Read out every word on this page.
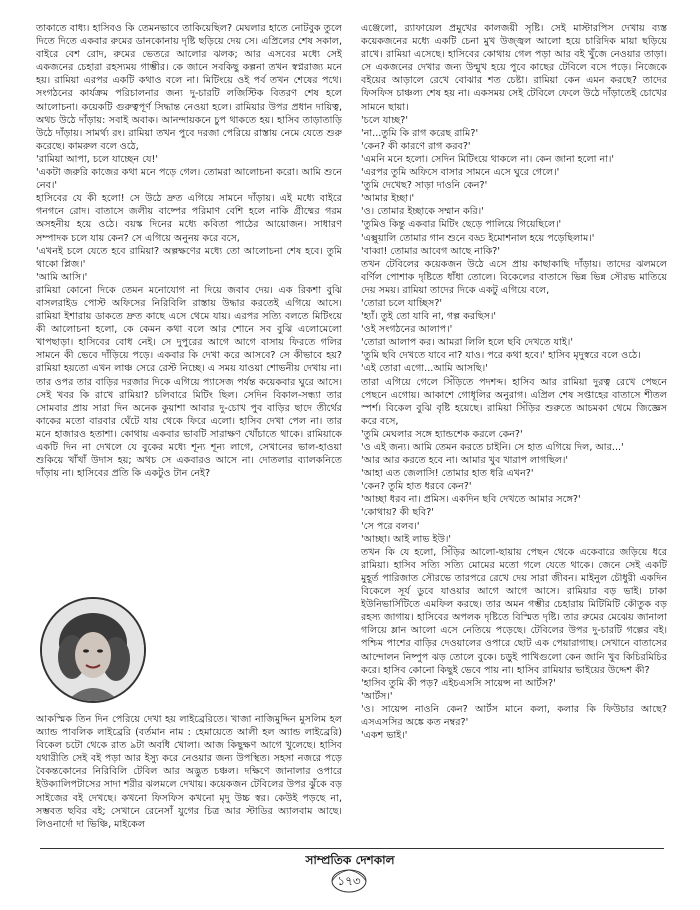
তাকাতে বাধ্য। হাসিবও কি তেমনভাবে তাকিয়েছিল? মেঘলার হাতে নোটবুক তুলে দিতে দিতে একবার রুমের ডানকোনায় দৃষ্টি ছড়িয়ে দেয় সে। এপ্রিলের শেষ সকাল, বাইরে বেশ রোদ, রুমের ভেতরে আলোর ঝলক; আর এসবের মধ্যে সেই একজনের চেহারা রহস্যময় গাম্ভীর। কে জানে সবকিছু কল্পনা তখন স্বপ্নরাজ্য মনে হয়। রামিয়া এরপর একটি কথাও বলে না। মিটিংয়ে ওই পর্ব তখন শেষের পথে। সংগঠনের কার্যক্রম পরিচালনার জন্য দু-চারটি লজিস্টিক বিতরণ শেষ হলে আলোচনা। কয়েকটি গুরুত্বপূর্ণ সিদ্ধান্ত নেওয়া হলে। রামিয়ার উপর প্রধান দায়িত্ব, অথচ উঠে দাঁড়ায়: সবাই অবাক। আনন্দায়কনে চুপ থাকতে হয়। হাসিব তাড়াতাড়ি উঠে দাঁড়ায়। সামর্থ্য রং। রামিয়া তখন পুবে দরজা পেরিয়ে রাস্তায় নেমে যেতে শুরু করেছে। কামরুল বলে ওঠে,

'রামিয়া আপা, চলে যাচ্ছেন যে!'

'একটা জরুরি কাজের কথা মনে পড়ে গেল। তোমরা আলোচনা করো। আমি শুনে নেব।'

হাসিবের যে কী হলো! সে উঠে দ্রুত এগিয়ে সামনে দাঁড়ায়। এই মধ্যে বাইরে গনগনে রোদ। বাতাসে জলীয় বাষ্পের পরিমাণ বেশি হলে নাকি গ্রীষ্মের গরম অসহনীয় হয়ে ওঠে। বয়স্ক দিনের মধ্যে কবিতা পাঠের আয়োজন। সাধারণ সম্পাদক চলে যায় কেন? সে এগিয়ে অনুনয় করে বসে,

'এখনই চলে যেতে হবে রামিয়া? অল্পক্ষণের মধ্যে তো আলোচনা শেষ হবে। তুমি থাকো প্লিজ।'

'আমি আসি।'

রামিয়া কোনো দিকে তেমন মনোযোগ না দিয়ে জবাব দেয়। এক রিকশা বুঝি বাসলরাইড পোস্ট অফিসের নিরিবিলি রাস্তায় উদ্ধার করতেই এগিয়ে আসে। রামিয়া ইশারায় ডাকতে দ্রুত কাছে এসে থেমে যায়। এরপর সত্যি বলতে মিটিংয়ে কী আলোচনা হলো, কে কেমন কথা বলে আর শোনে সব বুঝি এলোমেলো খাপছাড়া। হাসিবের বোধ নেই। সে দুপুরের আগে আগে বাসায় ফিরতে গলির সামনে কী ভেবে দাঁড়িয়ে পড়ে। একবার কি দেখা করে আসবে? সে কীভাবে হয়? রামিয়া হয়তো এখন লাঞ্চ সেরে রেস্ট নিচ্ছে। এ সময় যাওয়া শোভনীয় দেখায় না। তার ওপর তার বাড়ির দরজার দিকে এগিয়ে প্যাসেজ পর্যন্ত কয়েকবার ঘুরে আসে। সেই খবর কি রাখে রামিয়া? চলিবারে মিটিং ছিল। সেদিন বিকাল-সন্ধ্যা তার সোমবার প্রায় সারা দিন অনেক কুয়াশা আবার দু-চোখ পুব বাড়ির ছাদে তীর্থের কাকের মতো বারবার ঘেঁটে যায় থেকে ফিরে এলো। হাসিব দেখা পেল না। তার মনে হাজারও হতাশা। কোথায় একবার ভাবটি সারাক্ষণ খোঁচাতে থাকে। রামিয়াকে একটি দিন না দেখলে যে বুকের মধ্যে শূন্য শূন্য লাগে, সেখানের ভাল-হাওয়া শুকিয়ে খাঁখাঁ উদাস হয়; অথচ সে একবারও আসে না। দোতলার ব্যালকনিতে দাঁড়ায় না। হাসিবের প্রতি কি একটুও টান নেই?

আকস্মিক তিন দিন পেরিয়ে দেখা হয় লাইব্রেরিতে। খাজা নাজিমুদ্দিন মুসলিম হল অ্যান্ড পাবলিক লাইব্রেরি (বর্তমান নাম : হেমায়েতে আলী হল অ্যান্ড লাইব্রেরি) বিকেল চটো থেকে রাত ৯টা অবধি খোলা। আজ কিছুক্ষণ আগে খুলেছে। হাসিব যথারীতি সেই বই পড়া আর ইস্যু করে নেওয়ার জন্য উপস্থিত। সহসা নজরে পড়ে বৈকন্তকোনের নিরিবিলি টেবিল আর অদ্ভুত চঞ্চল। দক্ষিণে জানালার ওপারে ইউক্যালিপটাসের সাদা শরীর ঝলমলে দেখায়। কয়েকজন টেবিলের উপর ঝুঁকে বড় সাইজের বই দেখছে। কখনো ফিসফিস কখনো মৃদু উচ্চ স্বর। কেউই পড়ছে না, সম্ভবত ছবির বই; সেখানে রেনেসাঁ যুগের চিত্র আর স্টাডির অ্যালবাম আছে। লিওনার্দো দা ভিঞ্চি, মাইকেল

এঞ্জেলো, র‍্যাফায়েল প্রমুখের কালজয়ী সৃষ্টি। সেই মাস্টারপিস দেখায় ব্যস্ত কয়েকজনের মধ্যে একটি চেনা মুখ উজ্জ্বল আলো হয়ে চারিদিক মায়া ছড়িয়ে রাখে। রামিয়া এসেছে। হাসিবের কোথায় গেল পড়া আর বই খুঁজে নেওয়ার তাড়া। সে একজনের দেখার জন্য উন্মুখ হয়ে পুবে কাছের টেবিলে বসে পড়ে। নিজেকে বইয়ের আড়ালে রেখে বোঝার শত চেষ্টা। রামিয়া কেন এমন করছে? তাদের ফিসফিস চাঞ্চল্য শেষ হয় না। একসময় সেই টেবিলে ফেলে উঠে দাঁড়াতেই চোখের সামনে ছায়া।

'চলে যাচ্ছ?'

'না...তুমি কি রাগ করেছ রামি?'

'কেন? কী কারণে রাগ করব?'

'এমনি মনে হলো। সেদিন মিটিংয়ে থাকলে না। কেন জানা হলো না।'

'এরপর তুমি অফিসে বাসার সামনে এসে ঘুরে গেলে।'

'তুমি দেখেছ? সাড়া দাওনি কেন?'

'আমার ইচ্ছা।'

'ও। তোমার ইচ্ছাকে সম্মান করি।'

'তুমিও কিন্তু একবার মিটিং ছেড়ে পালিয়ে গিয়েছিলে।'

'এক্সুয়ালি তোমার গান শুনে বড্ড ইমোশনাল হয়ে পড়েছিলাম।'

'বাব্বা! তোমার আবেগ আছে নাকি?'

তখন টেবিলের কয়েকজন উঠে এসে প্রায় কাছাকাছি দাঁড়ায়। তাদের ঝলমলে বর্ণিল পোশাক দৃষ্টিতে ধাঁধা তোলে। বিকেলের বাতাসে ভিন্ন ভিন্ন সৌরভ মাতিয়ে দেয় সময়। রামিয়া তাদের দিকে একটু এগিয়ে বলে,

'তোরা চলে যাচ্ছিস?'

'হ্যাঁ। তুই তো যাবি না, গল্প করছিস।'

'ওই সংগঠনের আলাপ।'

'তোরা আলাপ কর। আমরা লিলি হলে ছবি দেখতে যাই।'

'তুমি ছবি দেখতে যাবে না? যাও। পরে কথা হবে।' হাসিব মৃদুস্বরে বলে ওঠে।

'এই তোরা এগো...আমি আসছি।'

তারা এগিয়ে গেলে সিঁড়িতে পদশব্দ। হাসিব আর রামিয়া দুরত্ব রেখে পেছনে পেছনে এগোয়। আকাশে গোধূলির অনুরাগ। এপ্রিল শেষ সপ্তাহের বাতাসে শীতল স্পর্শ। বিকেল বুঝি বৃষ্টি হয়েছে। রামিয়া সিঁড়ির শুরুতে আচমকা থেমে জিজ্ঞেস করে বসে,

'তুমি মেঘলার সঙ্গে হ্যান্ডশেক করলে কেন?'

'ও এই জন্য। আমি তেমন করতে চাইনি। সে হাত এগিয়ে দিল, আর...'

'আর আর করতে হবে না। আমার খুব খারাপ লাগছিল।'

'আহা এত জেলাসি! তোমার হাত ধরি এখন?'

'কেন? তুমি হাত ধরবে কেন?'

'আচ্ছা ধরব না। প্রমিস। একদিন ছবি দেখতে আমার সঙ্গে?'

'কোথায়? কী ছবি?'

'সে পরে বলব।'

'আচ্ছা। আই লাভ ইউ।'

তখন কি যে হলো, সিঁড়ির আলো-ছায়ায় পেছন থেকে একেবারে জড়িয়ে ধরে রামিয়া। হাসিব সত্যি সত্যি মোমের মতো গলে যেতে থাকে। জেনে সেই একটি মুহূর্ত পারিজাত সৌরভে তারপরে রেখে দেয় সারা জীবন। মাইনুল চৌধুরী একদিন বিকেলে সূর্য ডুবে যাওয়ার আগে আগে আসে। রামিয়ার বড় ভাই। ঢাকা ইউনিভার্সিটিতে এমফিল করছে। তার অমন গম্ভীর চেহারায় মিটিমিটি কৌতুক বড় রহস্য জাগায়। হাসিবের অপলক দৃষ্টিতে বিস্মিত দৃষ্টি। তার রুমের মেঝেয় জানালা গলিয়ে ম্লান আলো এসে নেতিয়ে পড়েছে। টেবিলের উপর দু-চারটি গল্পের বই। পশ্চিম পাশের বাড়ির দেওয়ালের ওপারে ছোট এক পেয়ারাগাছ। সেখানে বাতাসের আন্দোলন নিষ্পুপ ঝড় তোলে বুকে। চড়ুই পাখিগুলো কেন জানি খুব কিচিরমিচির করে। হাসিব কোনো কিছুই ভেবে পায় না। হাসিব রামিয়ার ভাইয়ের উদ্দেশ কী?

'হাসিব তুমি কী পড়? এইচএসসি সায়েন্স না আর্টস?'

'আর্টস।'

'ও। সায়েন্স নাওনি কেন? আর্টস মানে কলা, কলার কি ফিউচার আছে? এসএসসির অঙ্কে কত নম্বর?'

'একশ ভাই।'

সাম্প্রতিক দেশকাল
১৭৩
